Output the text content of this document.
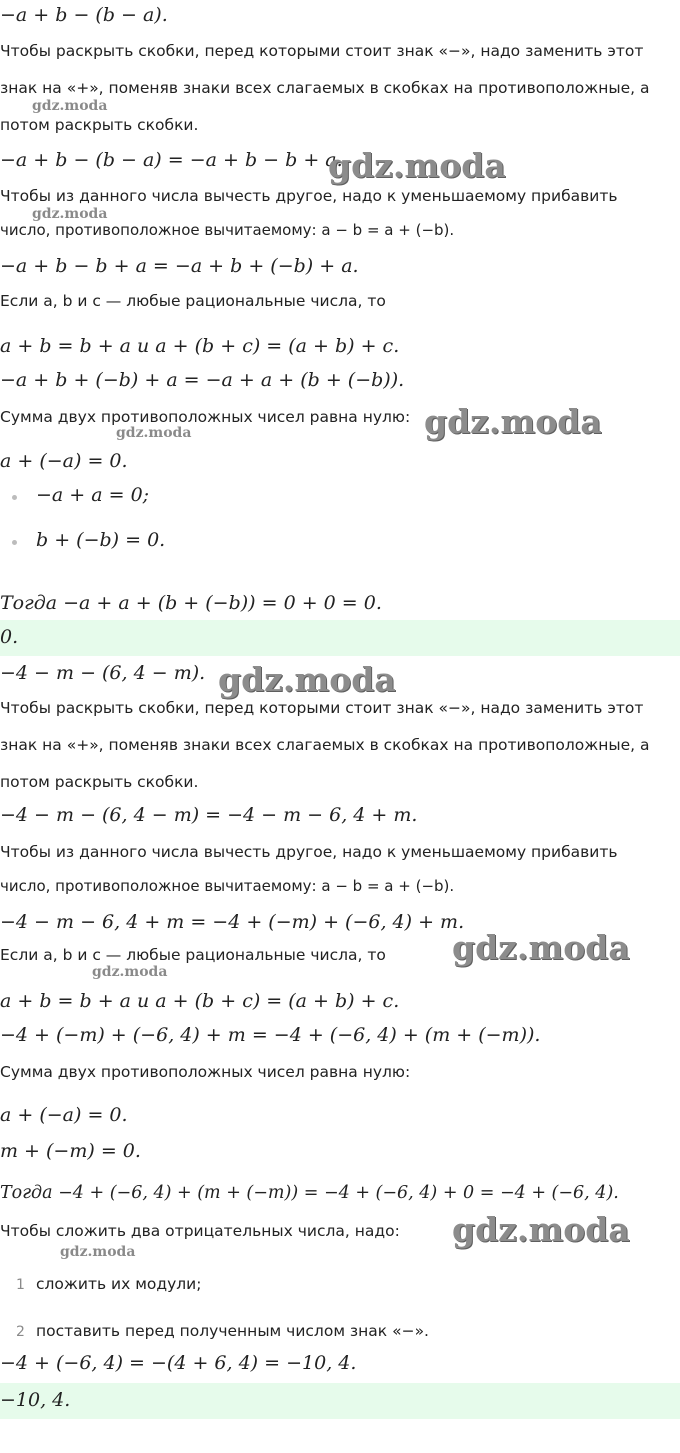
−a + b − (b − a).
Чтобы раскрыть скобки, перед которыми стоит знак «−», надо заменить этот
знак на «+», поменяв знаки всех слагаемых в скобках на противоположные, а
потом раскрыть скобки.
−a + b − (b − a) = −a + b − b + a.
Чтобы из данного числа вычесть другое, надо к уменьшаемому прибавить
число, противоположное вычитаемому: a − b = a + (−b).
−a + b − b + a = −a + b + (−b) + a.
Если a, b и c — любые рациональные числа, то
a + b = b + a и a + (b + c) = (a + b) + c.
−a + b + (−b) + a = −a + a + (b + (−b)).
Сумма двух противоположных чисел равна нулю:
a + (−a) = 0.
−a + a = 0;
b + (−b) = 0.
Тогда −a + a + (b + (−b)) = 0 + 0 = 0.
0.
−4 − m − (6, 4 − m).
Чтобы раскрыть скобки, перед которыми стоит знак «−», надо заменить этот
знак на «+», поменяв знаки всех слагаемых в скобках на противоположные, а
потом раскрыть скобки.
−4 − m − (6, 4 − m) = −4 − m − 6, 4 + m.
Чтобы из данного числа вычесть другое, надо к уменьшаемому прибавить
число, противоположное вычитаемому: a − b = a + (−b).
−4 − m − 6, 4 + m = −4 + (−m) + (−6, 4) + m.
Если a, b и c — любые рациональные числа, то
a + b = b + a и a + (b + c) = (a + b) + c.
−4 + (−m) + (−6, 4) + m = −4 + (−6, 4) + (m + (−m)).
Сумма двух противоположных чисел равна нулю:
a + (−a) = 0.
m + (−m) = 0.
Тогда −4 + (−6, 4) + (m + (−m)) = −4 + (−6, 4) + 0 = −4 + (−6, 4).
Чтобы сложить два отрицательных числа, надо:
1 сложить их модули;
2 поставить перед полученным числом знак «−».
−4 + (−6, 4) = −(4 + 6, 4) = −10, 4.
−10, 4.
gdz.moda
gdz.moda
gdz.moda
gdz.moda
gdz.moda
gdz.moda
gdz.moda
gdz.moda
gdz.moda
gdz.moda
